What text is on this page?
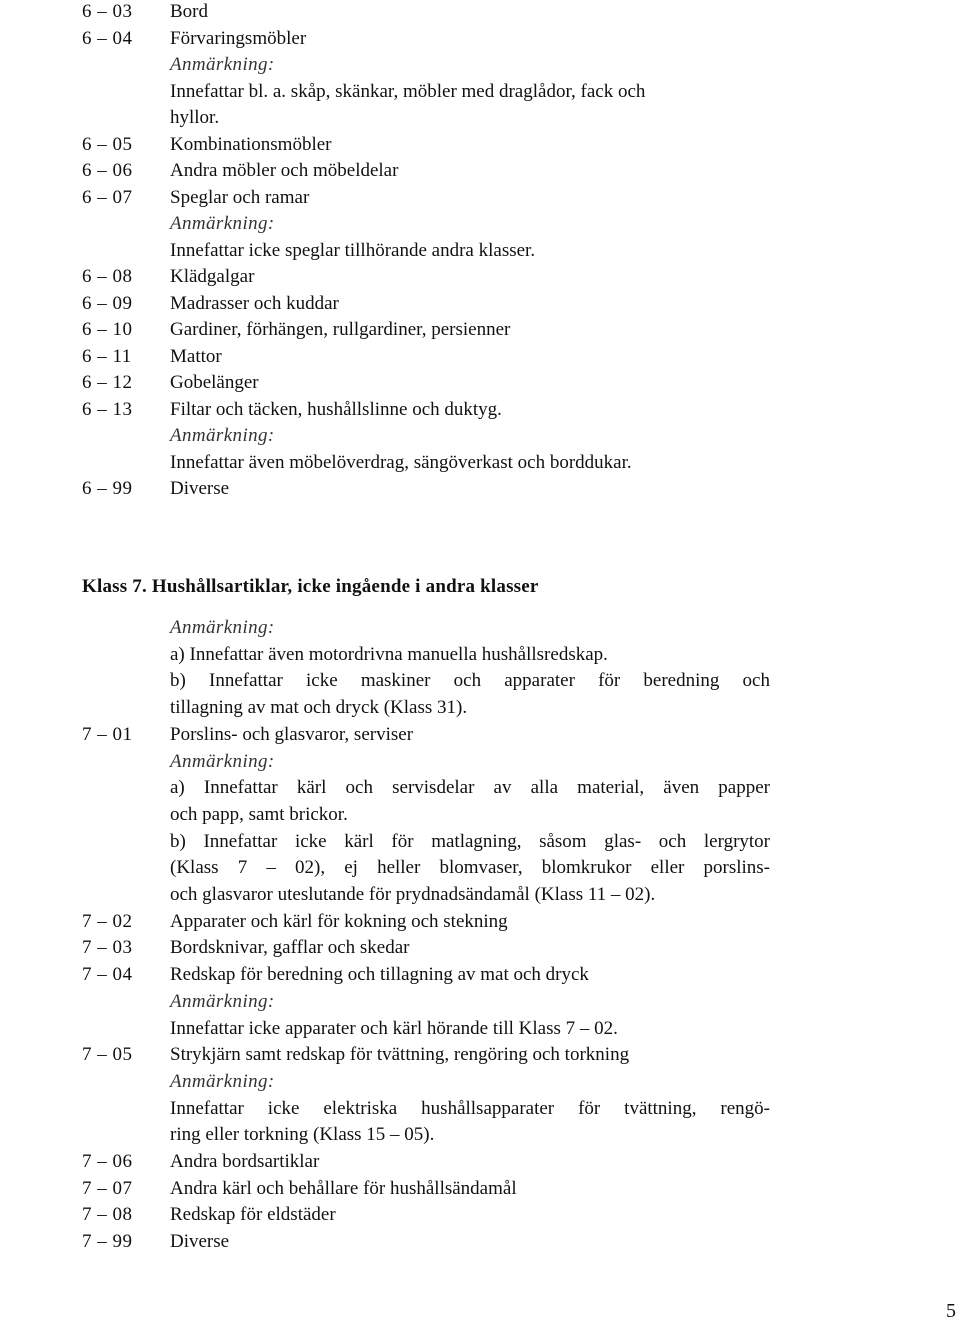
6 – 03 Bord
6 – 04 Förvaringsmöbler
Anmärkning:
Innefattar bl. a. skåp, skänkar, möbler med draglådor, fack och
hyllor.
6 – 05 Kombinationsmöbler
6 – 06 Andra möbler och möbeldelar
6 – 07 Speglar och ramar
Anmärkning:
Innefattar icke speglar tillhörande andra klasser.
6 – 08 Klädgalgar
6 – 09 Madrasser och kuddar
6 – 10 Gardiner, förhängen, rullgardiner, persienner
6 – 11 Mattor
6 – 12 Gobelänger
6 – 13 Filtar och täcken, hushållslinne och duktyg.
Anmärkning:
Innefattar även möbelöverdrag, sängöverkast och borddukar.
6 – 99 Diverse
Klass 7. Hushållsartiklar, icke ingående i andra klasser
Anmärkning:
a) Innefattar även motordrivna manuella hushållsredskap.
b) Innefattar icke maskiner och apparater för beredning och
tillagning av mat och dryck (Klass 31).
7 – 01 Porslins- och glasvaror, serviser
Anmärkning:
a) Innefattar kärl och servisdelar av alla material, även papper
och papp, samt brickor.
b) Innefattar icke kärl för matlagning, såsom glas- och lergrytor
(Klass 7 – 02), ej heller blomvaser, blomkrukor eller porslins-
och glasvaror uteslutande för prydnadsändamål (Klass 11 – 02).
7 – 02 Apparater och kärl för kokning och stekning
7 – 03 Bordsknivar, gafflar och skedar
7 – 04 Redskap för beredning och tillagning av mat och dryck
Anmärkning:
Innefattar icke apparater och kärl hörande till Klass 7 – 02.
7 – 05 Strykjärn samt redskap för tvättning, rengöring och torkning
Anmärkning:
Innefattar icke elektriska hushållsapparater för tvättning, rengö-
ring eller torkning (Klass 15 – 05).
7 – 06 Andra bordsartiklar
7 – 07 Andra kärl och behållare för hushållsändamål
7 – 08 Redskap för eldstäder
7 – 99 Diverse
5
